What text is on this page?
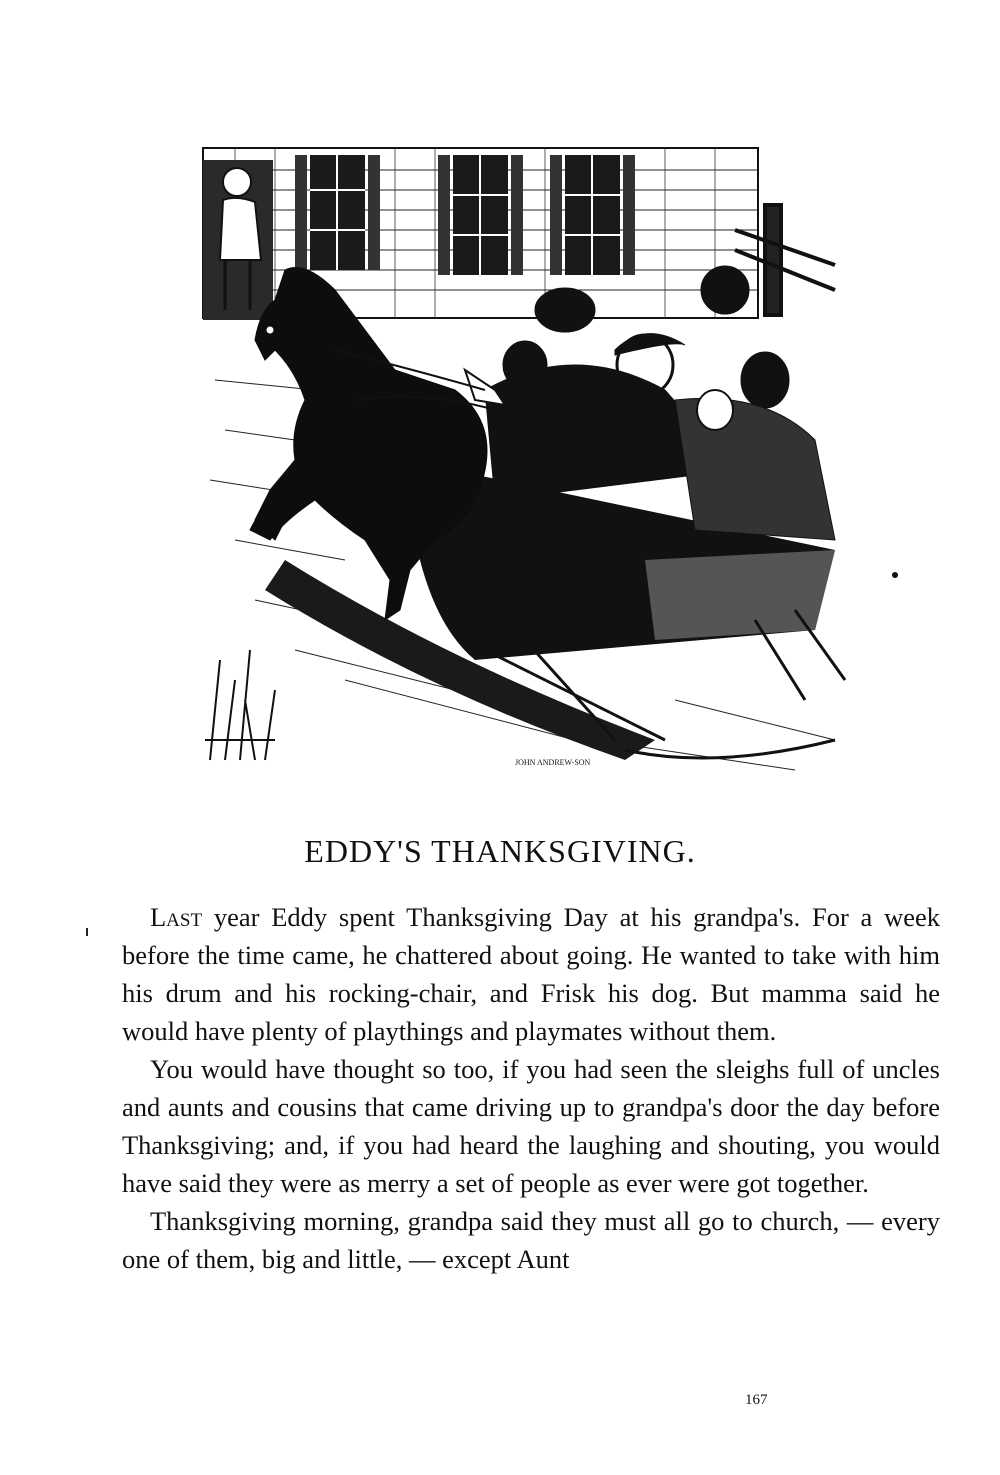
JOHN ANDREW-SON
EDDY'S THANKSGIVING.

Last year Eddy spent Thanksgiving Day at his grandpa's. For a week before the time came, he chattered about going. He wanted to take with him his drum and his rocking-chair, and Frisk his dog. But mamma said he would have plenty of playthings and playmates without them.

You would have thought so too, if you had seen the sleighs full of uncles and aunts and cousins that came driving up to grandpa's door the day before Thanksgiving; and, if you had heard the laughing and shouting, you would have said they were as merry a set of people as ever were got together.

Thanksgiving morning, grandpa said they must all go to church, — every one of them, big and little, — except Aunt

167
